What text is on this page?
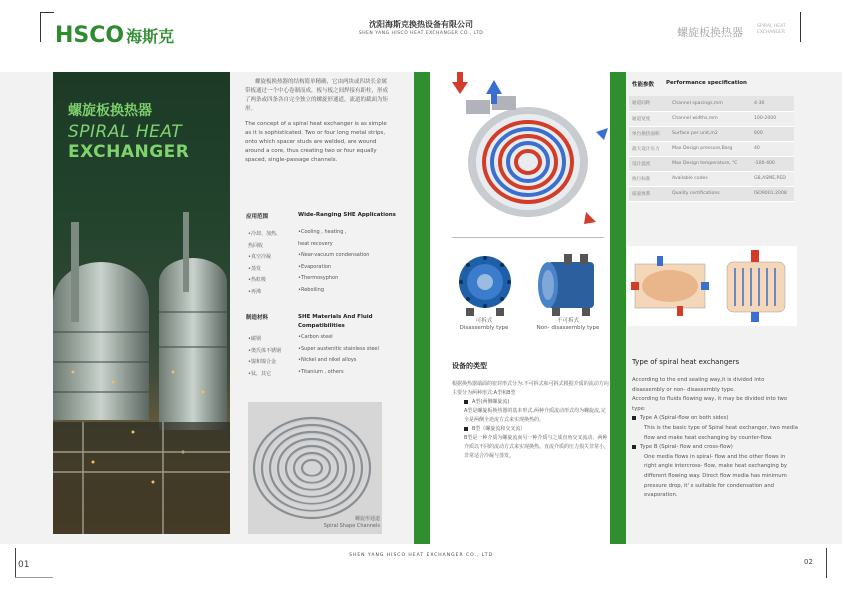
HSCO 海斯克
沈阳海斯克换热设备有限公司
SHEN YANG HISCO HEAT EXCHANGER CO., LTD	螺旋板换热器	SPIRAL HEAT EXCHANGER
螺旋板换热器
SPIRAL HEAT
EXCHANGER

螺旋板换热器的结构简单精确，它由两块或四块长金属带板通过一个中心卷制而成，板与板之间焊接有距柱，形成了两条或四条各自完全独立的螺旋形通道，流道的截面为矩形。

The concept of a spiral heat exchanger is as simple as it is sophisticated. Two or four long metal strips, onto which spacer studs are welded, are wound around a core, thus creating two or four equally spaced, single-passage channels.

应用范围	Wide-Ranging SHE Applications
•冷却、加热、
热回收
•真空冷凝
•蒸发
•热虹吸
•再沸
•Cooling , heating ,
heat recovery
•Near-vacuum condensation
•Evaporation
•Thermosyphon
•Reboiling
制造材料	SHE Materials And Fluid Compatibilities
•碳钢
•奥氏体不锈钢
•镍和镍合金
•钛，其它
•Carbon steel
•Super austenitic stainless steel
•Nickel and nikel alloys
•Titanium , others
螺旋形通道
Spiral Shape Channels
可拆式
Disassembly type
不可拆式
Non- disassembly type
设备的类型

根据换热器端面的密封形式分为:不可拆式和可拆式根据介质的流动方向主要分为两种形式:A型和B型

A型(两侧螺旋流)

A型是螺旋板换热器的基本形式,两种介质流动形式均为螺旋流,完全是两侧全逆流方式来实现换热的。

B型（螺旋流和交叉流）

B型是一种介质为螺旋流而另一种介质与之成直角交叉流动，两种介质以不同的流动方式来实现换热。直流介质的压力损失非常小，非常适合冷凝与蒸发。

性能参数 Performance specification
通道间距	Channel spacings,mm	4-30
通道宽度	Channel widths,mm	100-2000
单台换热面积	Surface per unit,m2	600
最大设计压力	Max Design pressure,Barg	40
设计温度	Max Design temperature, ℃	-100-400
执行标准	Available codes	GB,ASME,PED
质量体系	Quality certifications	ISO9001:2008
Type of spiral heat exchangers

According to the end sealing way,it is divided into disassembly or non- disassembly type.

According to fluids flowing way, it may be divided into two type:

Type A (Spiral-flow on both sides)

This is the basic type of Spiral heat exchanger, two media flow and make heat exchanging by counter-flow.

Type B (Spiral- flow and cross-flow)

One media flows in spiral- flow and the other flows in right angle intercross- flow, make heat exchanging by different flowing way. Direct flow media has minimum pressure drop, it' s suitable for condensation and evaporation.

01
SHEN YANG HISCO HEAT EXCHANGER CO., LTD
02
